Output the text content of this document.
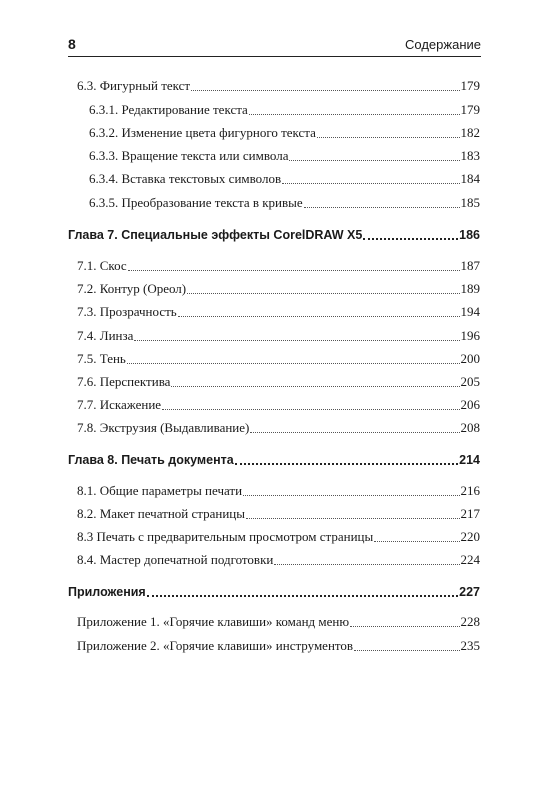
8	Содержание
6.3. Фигурный текст	179
6.3.1. Редактирование текста	179
6.3.2. Изменение цвета фигурного текста	182
6.3.3. Вращение текста или символа	183
6.3.4. Вставка текстовых символов	184
6.3.5. Преобразование текста в кривые	185
Глава 7. Специальные эффекты CorelDRAW X5	186
7.1. Скос	187
7.2. Контур (Ореол)	189
7.3. Прозрачность	194
7.4. Линза	196
7.5. Тень	200
7.6. Перспектива	205
7.7. Искажение	206
7.8. Экструзия (Выдавливание)	208
Глава 8. Печать документа	214
8.1. Общие параметры печати	216
8.2. Макет печатной страницы	217
8.3 Печать с предварительным просмотром страницы	220
8.4. Мастер допечатной подготовки	224
Приложения	227
Приложение 1. «Горячие клавиши» команд меню	228
Приложение 2. «Горячие клавиши» инструментов	235
